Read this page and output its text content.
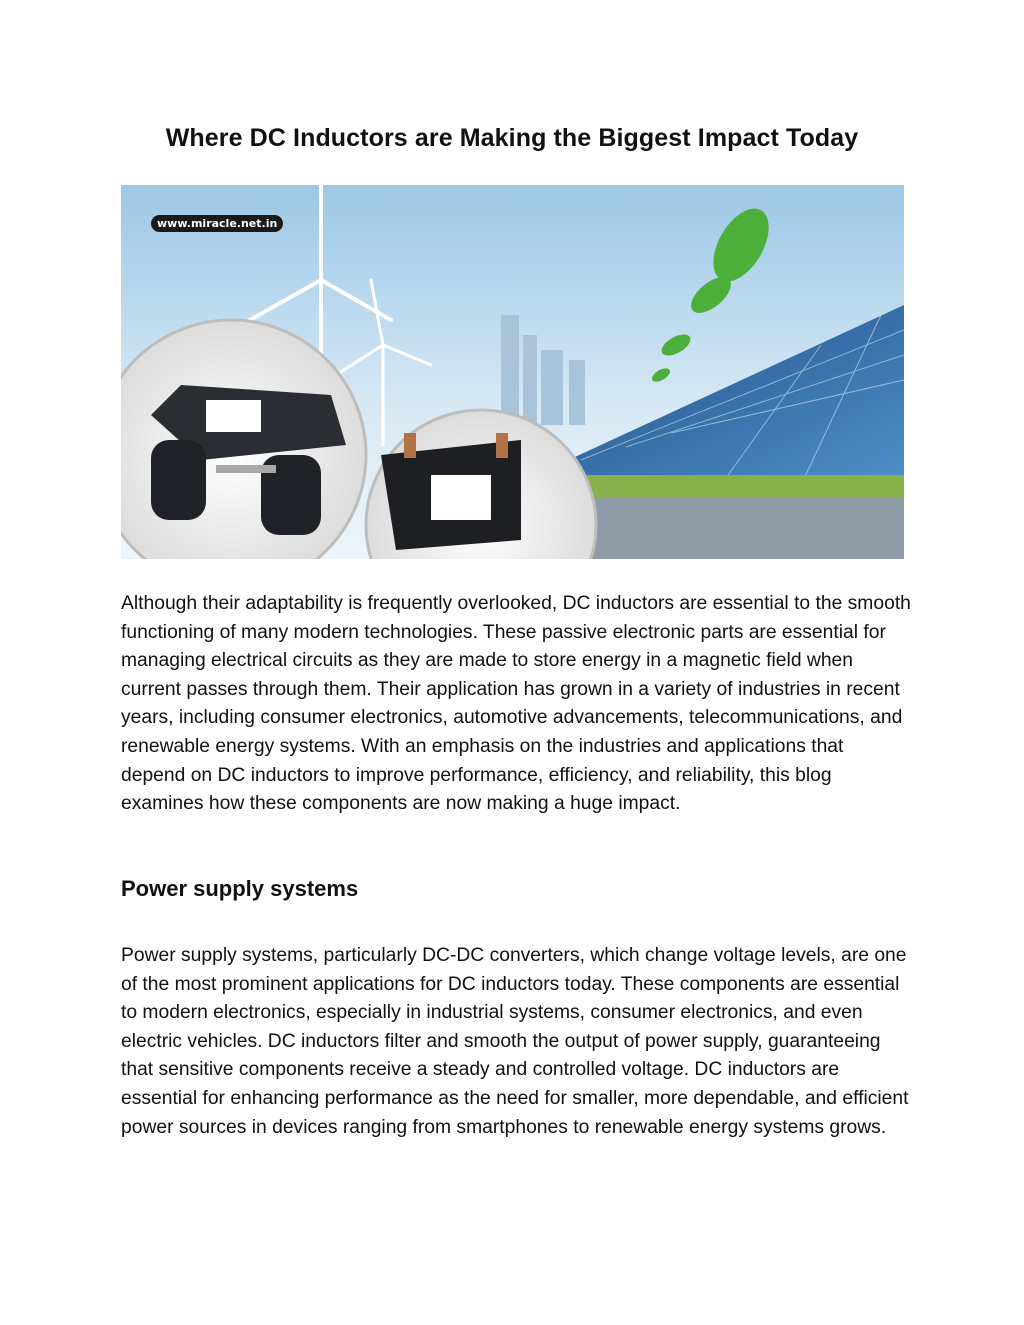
Where DC Inductors are Making the Biggest Impact Today
www.miracle.net.in

Although their adaptability is frequently overlooked, DC inductors are essential to the smooth functioning of many modern technologies. These passive electronic parts are essential for managing electrical circuits as they are made to store energy in a magnetic field when current passes through them. Their application has grown in a variety of industries in recent years, including consumer electronics, automotive advancements, telecommunications, and renewable energy systems. With an emphasis on the industries and applications that depend on DC inductors to improve performance, efficiency, and reliability, this blog examines how these components are now making a huge impact.

Power supply systems

Power supply systems, particularly DC-DC converters, which change voltage levels, are one of the most prominent applications for DC inductors today. These components are essential to modern electronics, especially in industrial systems, consumer electronics, and even electric vehicles. DC inductors filter and smooth the output of power supply, guaranteeing that sensitive components receive a steady and controlled voltage. DC inductors are essential for enhancing performance as the need for smaller, more dependable, and efficient power sources in devices ranging from smartphones to renewable energy systems grows.
